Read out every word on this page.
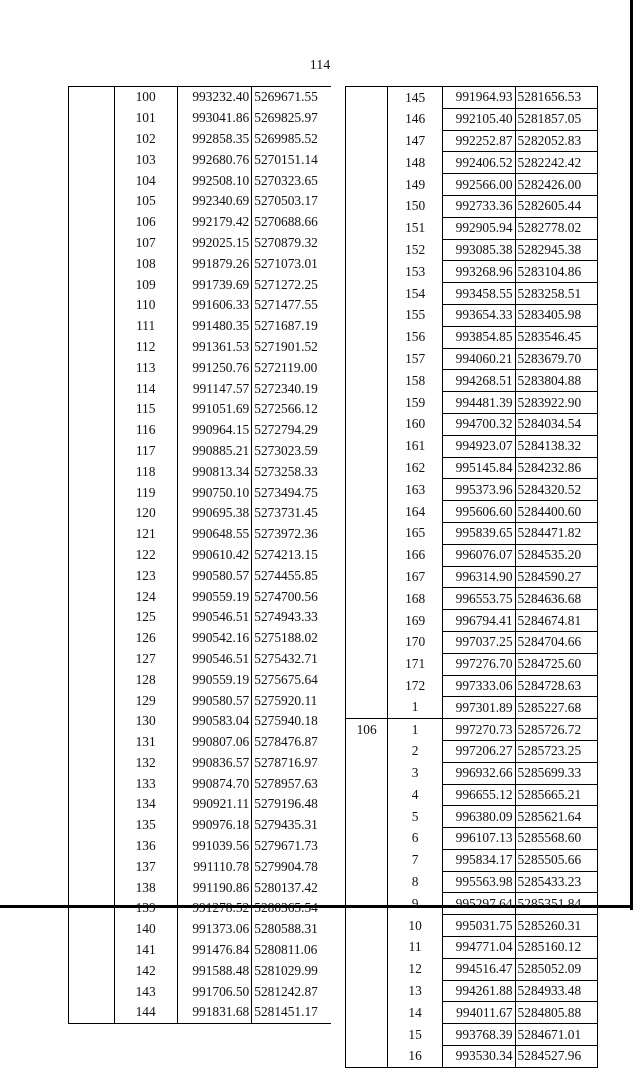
114
	100	993232.40	5269671.55
	101	993041.86	5269825.97
	102	992858.35	5269985.52
	103	992680.76	5270151.14
	104	992508.10	5270323.65
	105	992340.69	5270503.17
	106	992179.42	5270688.66
	107	992025.15	5270879.32
	108	991879.26	5271073.01
	109	991739.69	5271272.25
	110	991606.33	5271477.55
	111	991480.35	5271687.19
	112	991361.53	5271901.52
	113	991250.76	5272119.00
	114	991147.57	5272340.19
	115	991051.69	5272566.12
	116	990964.15	5272794.29
	117	990885.21	5273023.59
	118	990813.34	5273258.33
	119	990750.10	5273494.75
	120	990695.38	5273731.45
	121	990648.55	5273972.36
	122	990610.42	5274213.15
	123	990580.57	5274455.85
	124	990559.19	5274700.56
	125	990546.51	5274943.33
	126	990542.16	5275188.02
	127	990546.51	5275432.71
	128	990559.19	5275675.64
	129	990580.57	5275920.11
	130	990583.04	5275940.18
	131	990807.06	5278476.87
	132	990836.57	5278716.97
	133	990874.70	5278957.63
	134	990921.11	5279196.48
	135	990976.18	5279435.31
	136	991039.56	5279671.73
	137	991110.78	5279904.78
	138	991190.86	5280137.42
	139	991278.52	5280365.54
	140	991373.06	5280588.31
	141	991476.84	5280811.06
	142	991588.48	5281029.99
	143	991706.50	5281242.87
	144	991831.68	5281451.17
	145	991964.93	5281656.53
	146	992105.40	5281857.05
	147	992252.87	5282052.83
	148	992406.52	5282242.42
	149	992566.00	5282426.00
	150	992733.36	5282605.44
	151	992905.94	5282778.02
	152	993085.38	5282945.38
	153	993268.96	5283104.86
	154	993458.55	5283258.51
	155	993654.33	5283405.98
	156	993854.85	5283546.45
	157	994060.21	5283679.70
	158	994268.51	5283804.88
	159	994481.39	5283922.90
	160	994700.32	5284034.54
	161	994923.07	5284138.32
	162	995145.84	5284232.86
	163	995373.96	5284320.52
	164	995606.60	5284400.60
	165	995839.65	5284471.82
	166	996076.07	5284535.20
	167	996314.90	5284590.27
	168	996553.75	5284636.68
	169	996794.41	5284674.81
	170	997037.25	5284704.66
	171	997276.70	5284725.60
	172	997333.06	5284728.63
	1	997301.89	5285227.68
106	1	997270.73	5285726.72
	2	997206.27	5285723.25
	3	996932.66	5285699.33
	4	996655.12	5285665.21
	5	996380.09	5285621.64
	6	996107.13	5285568.60
	7	995834.17	5285505.66
	8	995563.98	5285433.23
	9	995297.64	5285351.84
	10	995031.75	5285260.31
	11	994771.04	5285160.12
	12	994516.47	5285052.09
	13	994261.88	5284933.48
	14	994011.67	5284805.88
	15	993768.39	5284671.01
	16	993530.34	5284527.96
